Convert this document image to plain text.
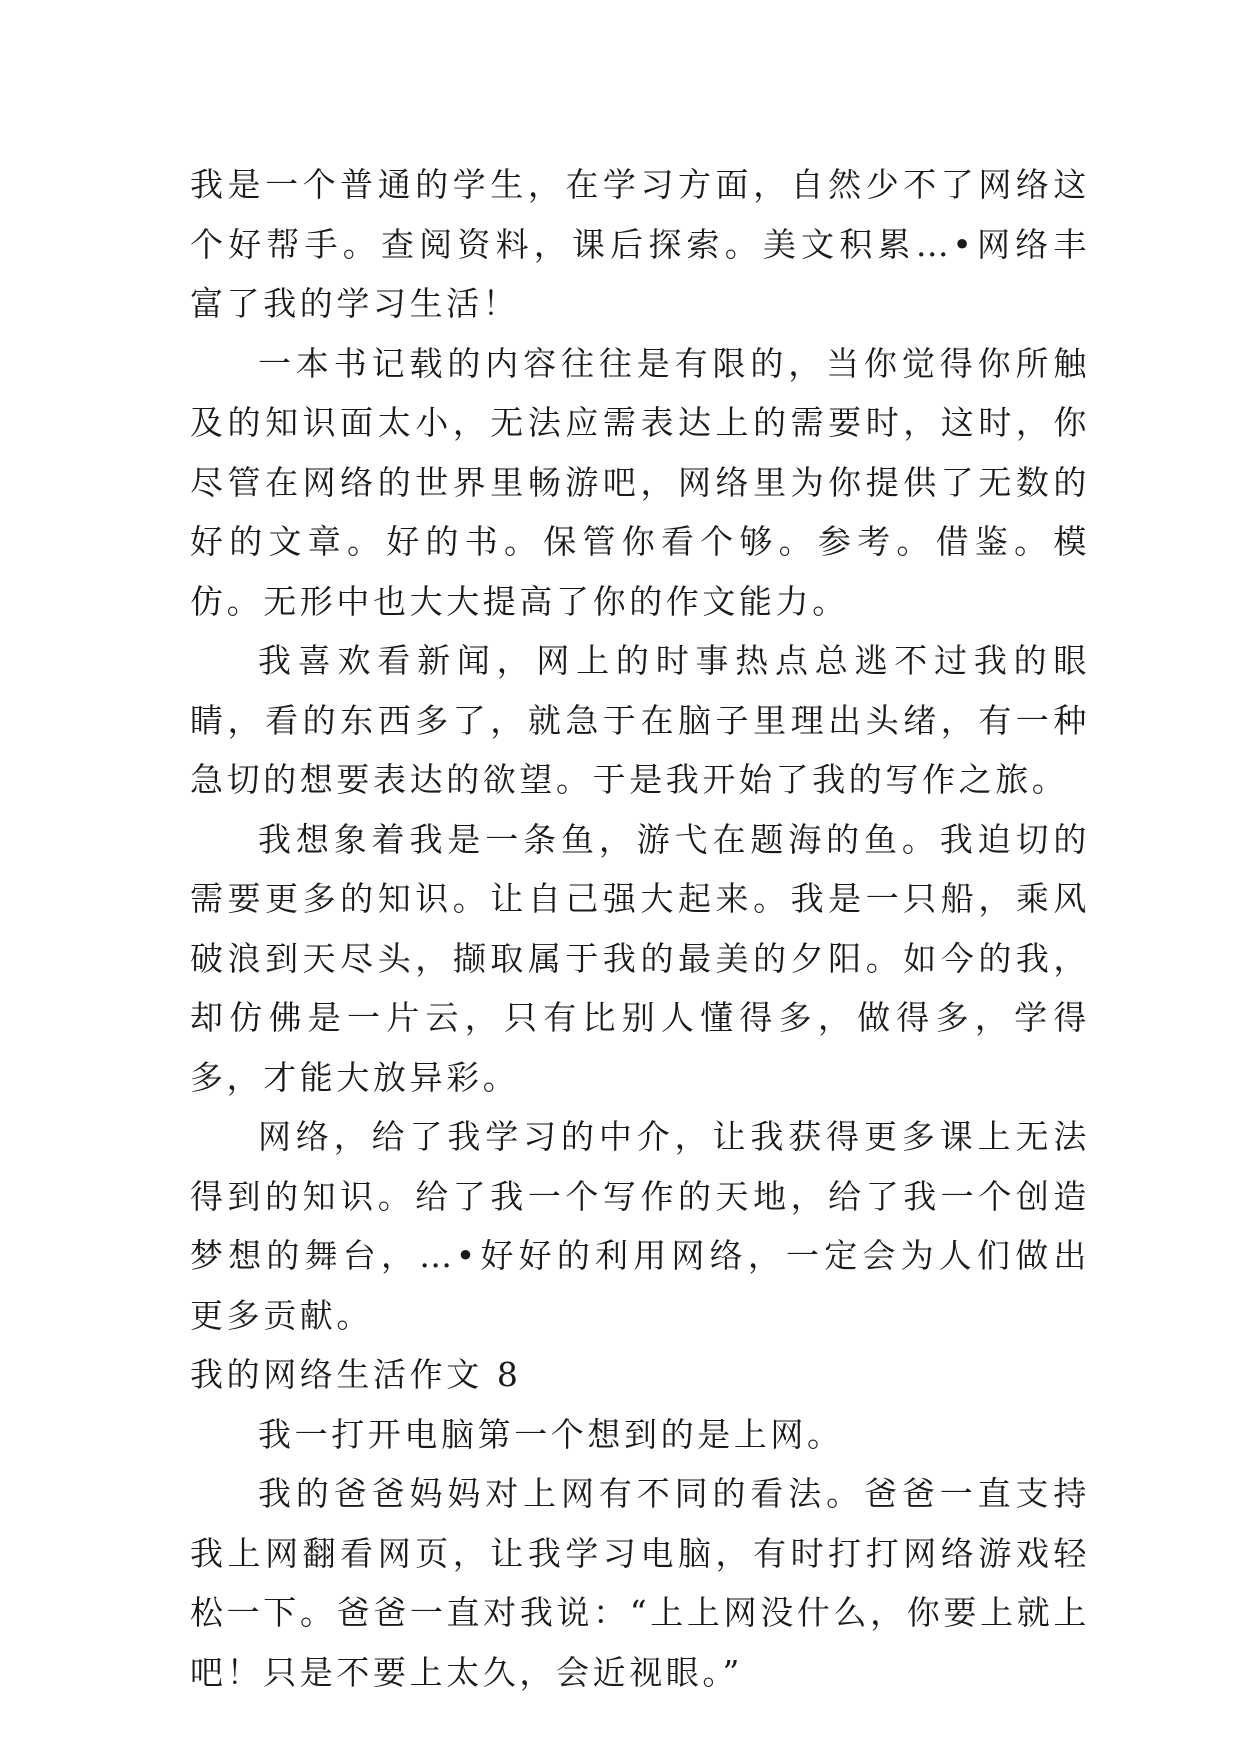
我是一个普通的学生，在学习方面，自然少不了网络这个好帮手。查阅资料，课后探索。美文积累…•网络丰富了我的学习生活！

一本书记载的内容往往是有限的，当你觉得你所触及的知识面太小，无法应需表达上的需要时，这时，你尽管在网络的世界里畅游吧，网络里为你提供了无数的好的文章。好的书。保管你看个够。参考。借鉴。模仿。无形中也大大提高了你的作文能力。

我喜欢看新闻，网上的时事热点总逃不过我的眼睛，看的东西多了，就急于在脑子里理出头绪，有一种急切的想要表达的欲望。于是我开始了我的写作之旅。

我想象着我是一条鱼，游弋在题海的鱼。我迫切的需要更多的知识。让自己强大起来。我是一只船，乘风破浪到天尽头，撷取属于我的最美的夕阳。如今的我，却仿佛是一片云，只有比别人懂得多，做得多，学得多，才能大放异彩。

网络，给了我学习的中介，让我获得更多课上无法得到的知识。给了我一个写作的天地，给了我一个创造梦想的舞台，…•好好的利用网络，一定会为人们做出更多贡献。

我的网络生活作文 8

我一打开电脑第一个想到的是上网。

我的爸爸妈妈对上网有不同的看法。爸爸一直支持我上网翻看网页，让我学习电脑，有时打打网络游戏轻松一下。爸爸一直对我说：“上上网没什么，你要上就上吧！只是不要上太久，会近视眼。”
